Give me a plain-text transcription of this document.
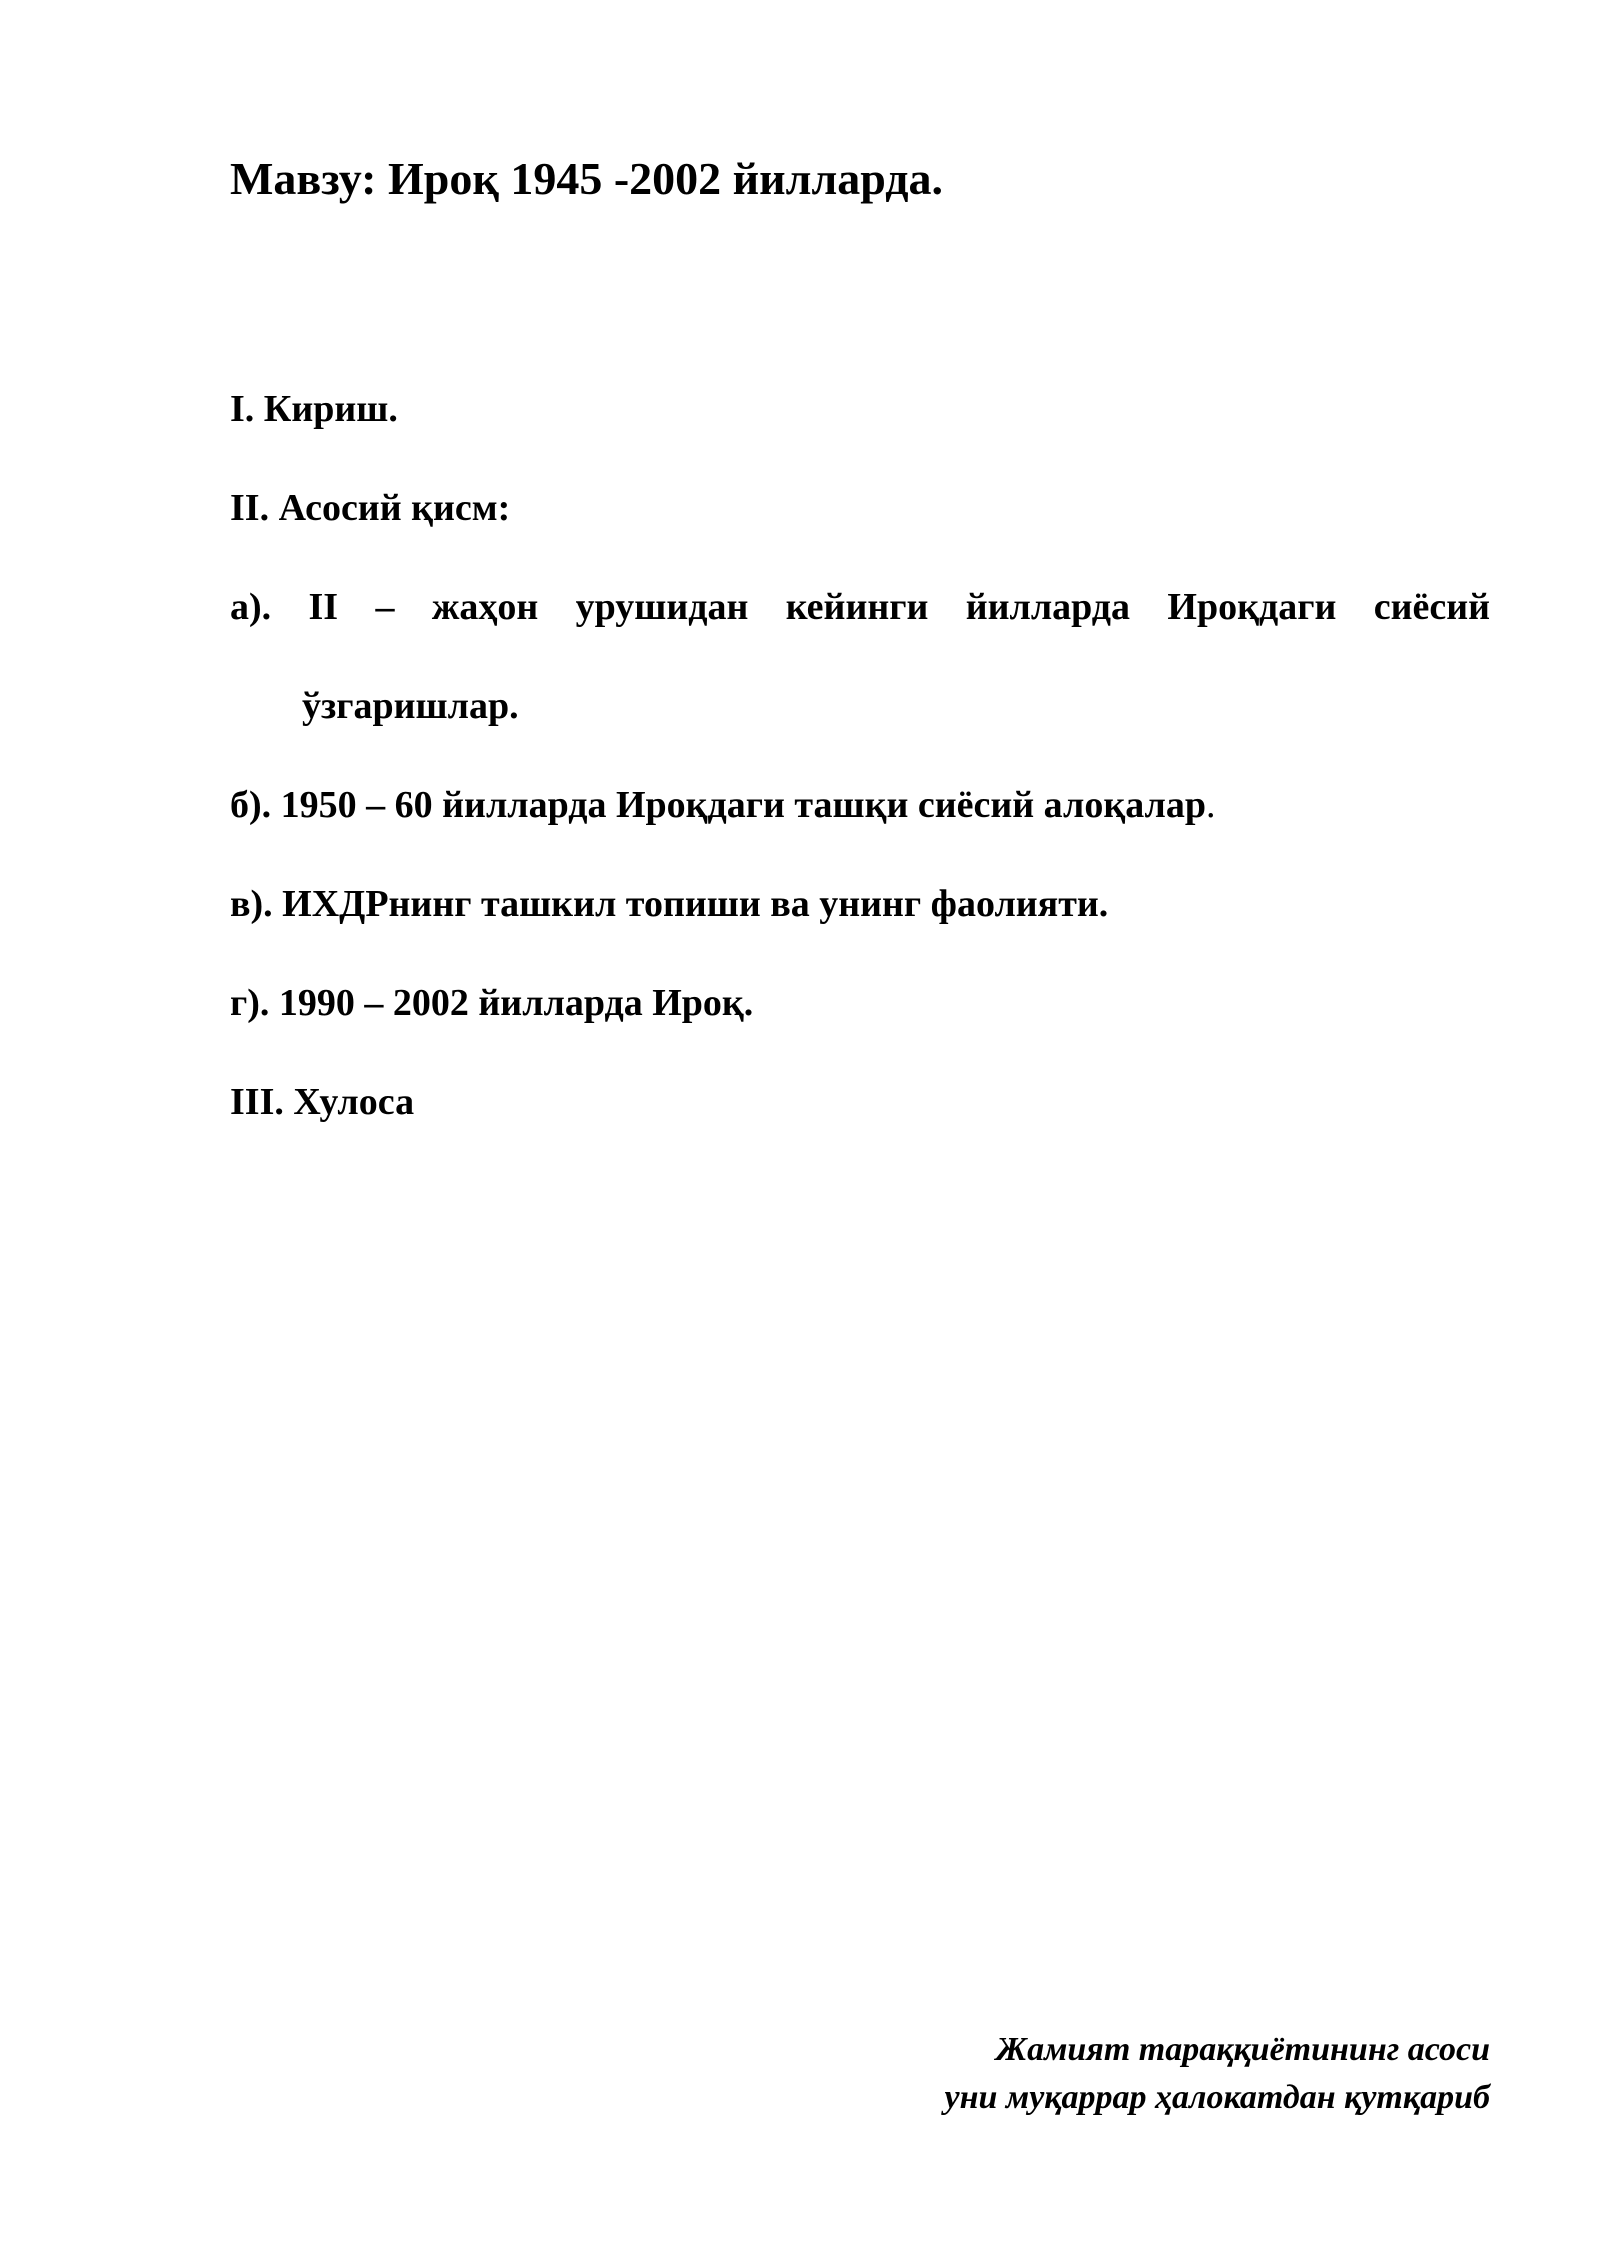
Мавзу: Ироқ 1945 -2002 йилларда.
I. Кириш.
II. Асосий қисм:
а). II – жаҳон урушидан кейинги йилларда Ироқдаги сиёсий
ўзгаришлар.
б). 1950 – 60 йилларда Ироқдаги ташқи сиёсий алоқалар.
в). ИХДРнинг ташкил топиши ва унинг фаолияти.
г). 1990 – 2002 йилларда Ироқ.
III. Хулоса
Жамият тараққиётининг асоси
уни муқаррар ҳалокатдан қутқариб
